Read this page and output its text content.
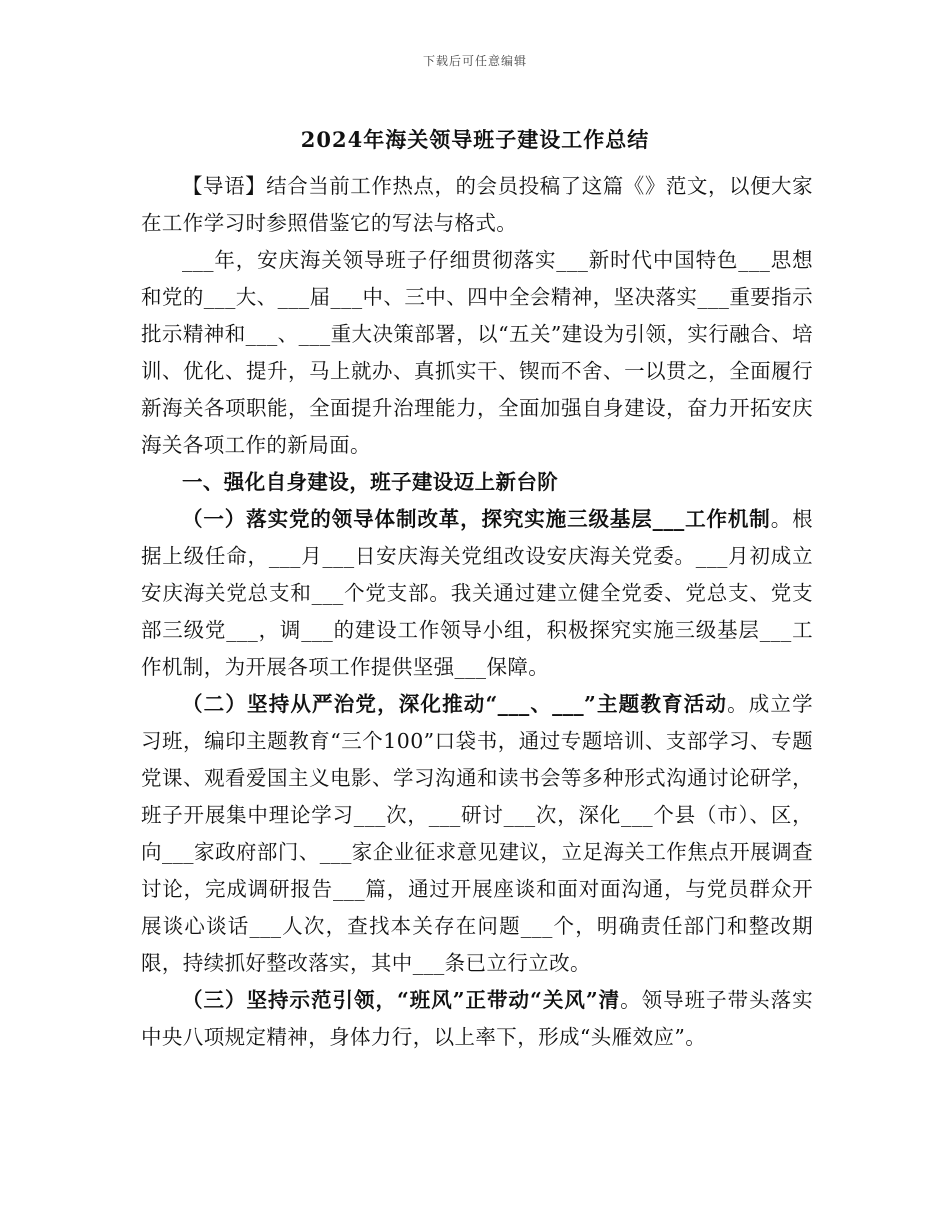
下载后可任意编辑
2024年海关领导班子建设工作总结

【导语】结合当前工作热点，的会员投稿了这篇《》范文，以便大家在工作学习时参照借鉴它的写法与格式。

___年，安庆海关领导班子仔细贯彻落实___新时代中国特色___思想和党的___大、___届___中、三中、四中全会精神，坚决落实___重要指示批示精神和___、___重大决策部署，以“五关”建设为引领，实行融合、培训、优化、提升，马上就办、真抓实干、锲而不舍、一以贯之，全面履行新海关各项职能，全面提升治理能力，全面加强自身建设，奋力开拓安庆海关各项工作的新局面。

一、强化自身建设，班子建设迈上新台阶

（一）落实党的领导体制改革，探究实施三级基层___工作机制。根据上级任命，___月___日安庆海关党组改设安庆海关党委。___月初成立安庆海关党总支和___个党支部。我关通过建立健全党委、党总支、党支部三级党___，调___的建设工作领导小组，积极探究实施三级基层___工作机制，为开展各项工作提供坚强___保障。

（二）坚持从严治党，深化推动“___、___”主题教育活动。成立学习班，编印主题教育“三个100”口袋书，通过专题培训、支部学习、专题党课、观看爱国主义电影、学习沟通和读书会等多种形式沟通讨论研学，班子开展集中理论学习___次，___研讨___次，深化___个县（市）、区，向___家政府部门、___家企业征求意见建议，立足海关工作焦点开展调查讨论，完成调研报告___篇，通过开展座谈和面对面沟通，与党员群众开展谈心谈话___人次，查找本关存在问题___个，明确责任部门和整改期限，持续抓好整改落实，其中___条已立行立改。

（三）坚持示范引领，“班风”正带动“关风”清。领导班子带头落实中央八项规定精神，身体力行，以上率下，形成“头雁效应”。
